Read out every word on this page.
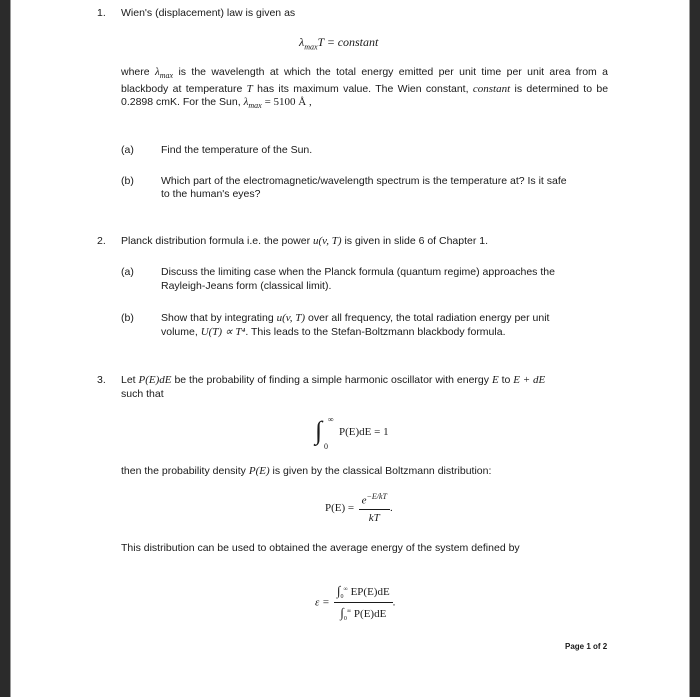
1. Wien's (displacement) law is given as
$\lambda_{max}T$ = constant
where $\lambda_{max}$ is the wavelength at which the total energy emitted per unit time per unit area from a blackbody at temperature T has its maximum value. The Wien constant, constant is determined to be 0.2898 cmK. For the Sun, $\lambda_{max} = 5100$ Å ,
(a)	Find the temperature of the Sun.
(b)	Which part of the electromagnetic/wavelength spectrum is the temperature at? Is it safe
to the human's eyes?
2. Planck distribution formula i.e. the power u(v, T) is given in slide 6 of Chapter 1.
(a)	Discuss the limiting case when the Planck formula (quantum regime) approaches the
Rayleigh-Jeans form (classical limit).
(b)	Show that by integrating u(v, T) over all frequency, the total radiation energy per unit
volume, U(T) ∝ T⁴. This leads to the Stefan-Boltzmann blackbody formula.
3. Let P(E)dE be the probability of finding a simple harmonic oscillator with energy E to E + dE
such that
∫ ∞
0
P(E)dE = 1
then the probability density P(E) is given by the classical Boltzmann distribution:
$P(E) = \frac{e^{-E/kT}}{kT}$ .
This distribution can be used to obtained the average energy of the system defined by
$\varepsilon = \frac{\int_0^\infty EP(E)dE}{\int_0^\infty P(E)dE}$ .
Page 1 of 2
